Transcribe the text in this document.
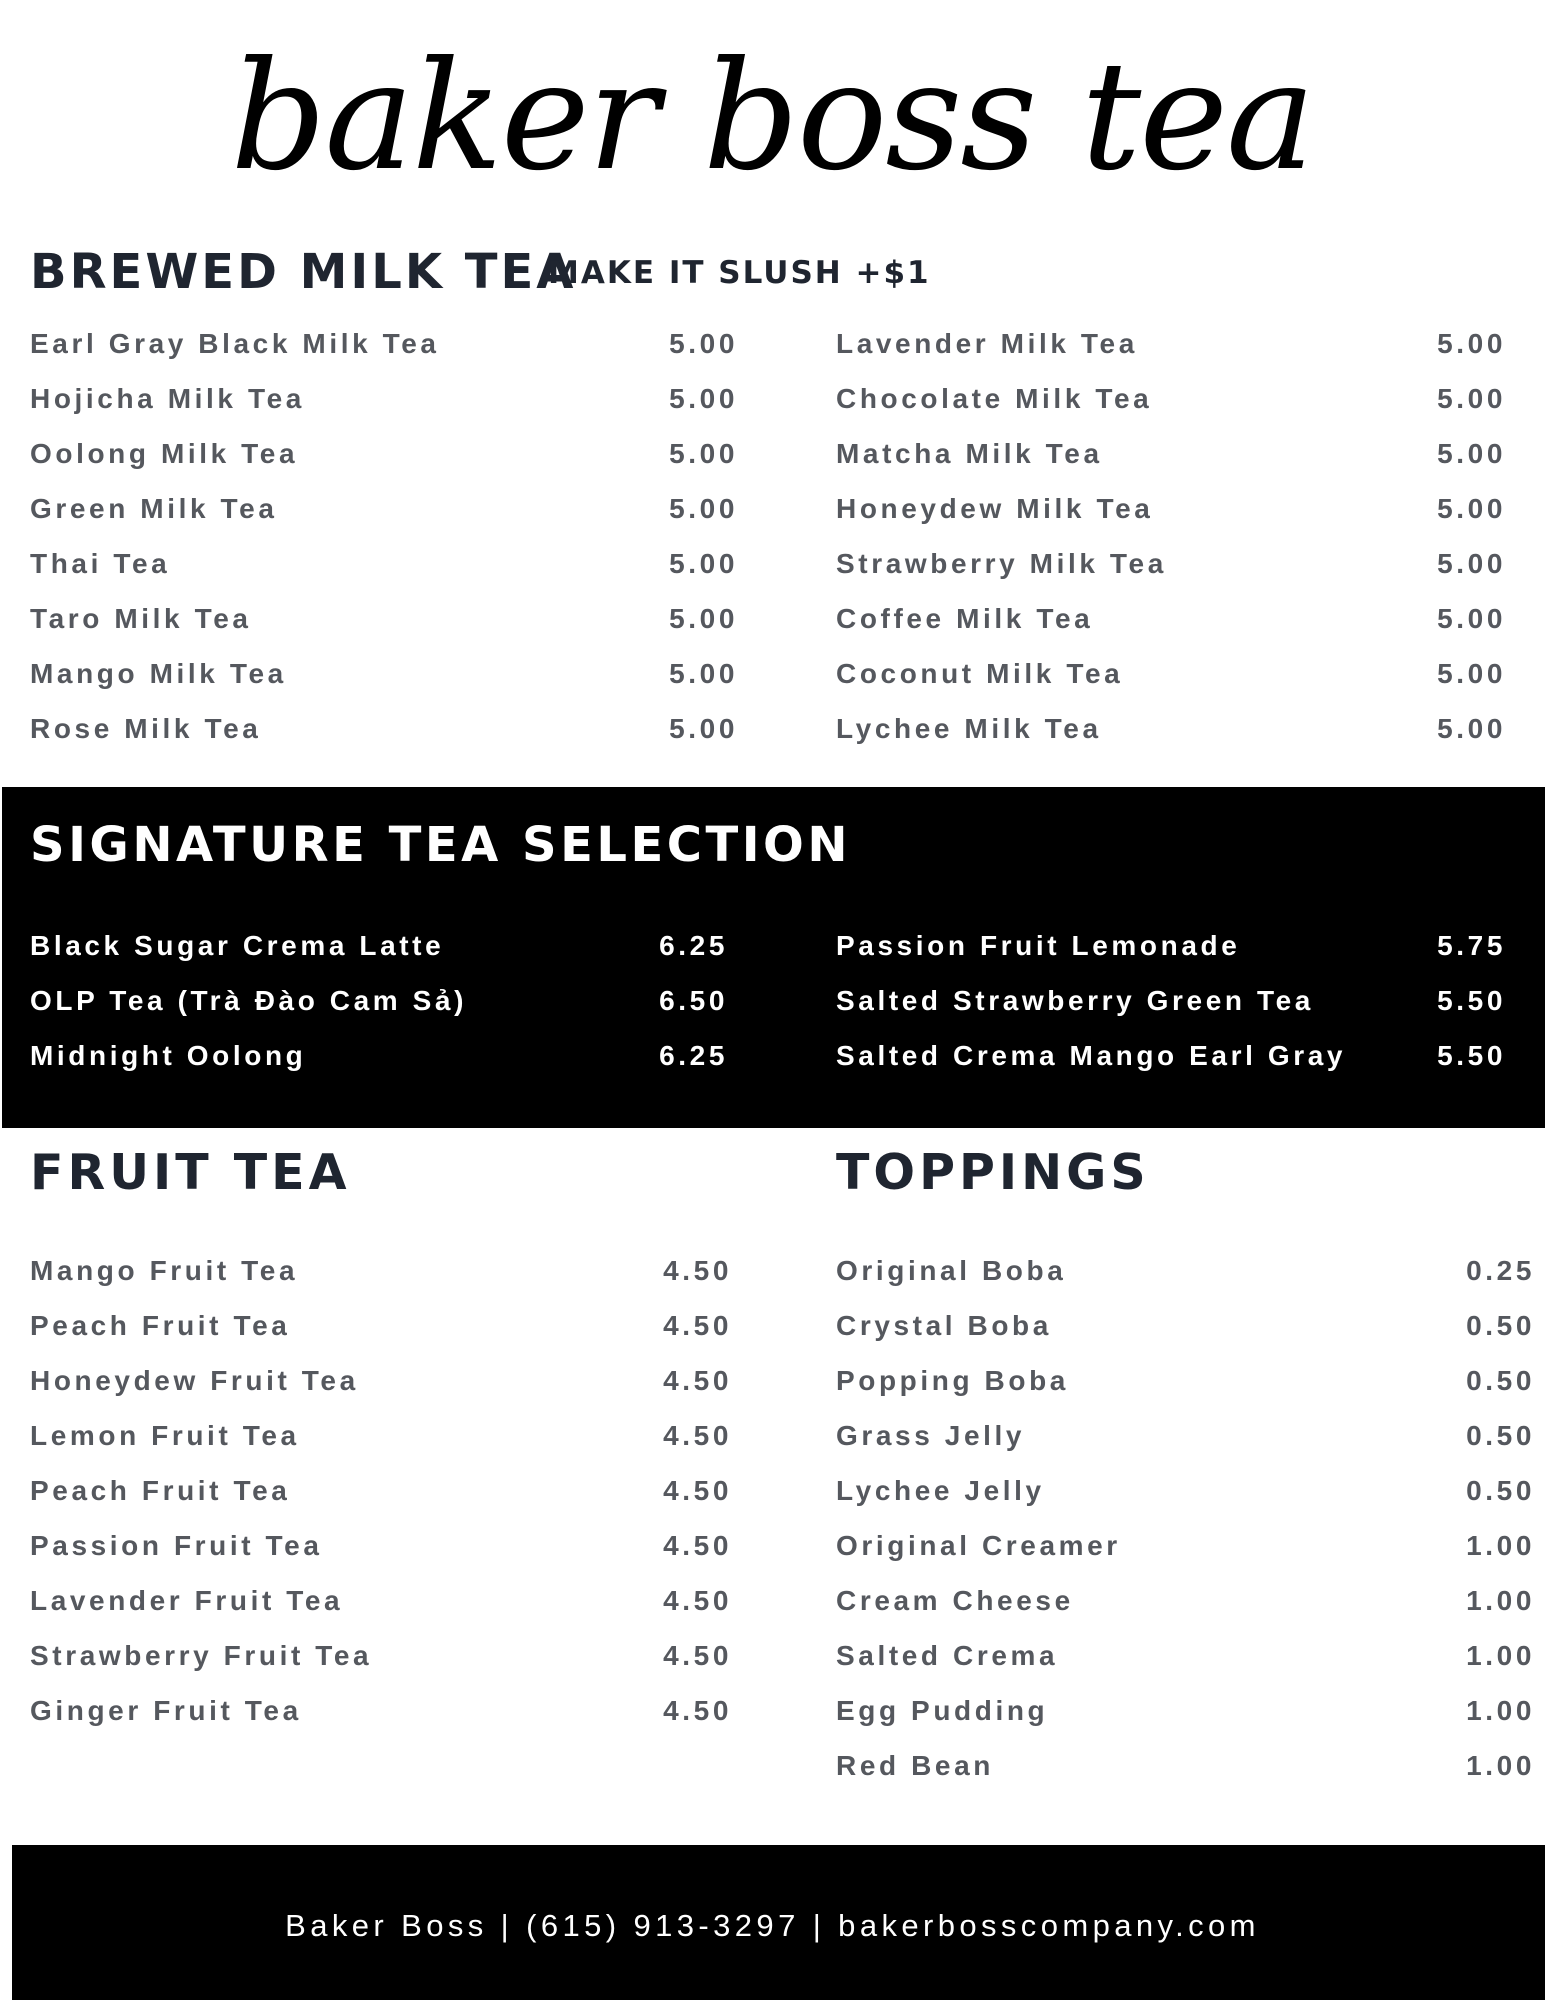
baker boss tea
BREWED MILK TEA
MAKE IT SLUSH +$1
Earl Gray Black Milk Tea	5.00
Hojicha Milk Tea	5.00
Oolong Milk Tea	5.00
Green Milk Tea	5.00
Thai Tea	5.00
Taro Milk Tea	5.00
Mango Milk Tea	5.00
Rose Milk Tea	5.00
Lavender Milk Tea	5.00
Chocolate Milk Tea	5.00
Matcha Milk Tea	5.00
Honeydew Milk Tea	5.00
Strawberry Milk Tea	5.00
Coffee Milk Tea	5.00
Coconut Milk Tea	5.00
Lychee Milk Tea	5.00
SIGNATURE TEA SELECTION
Black Sugar Crema Latte	6.25
OLP Tea (Trà Đào Cam Sả)	6.50
Midnight Oolong	6.25
Passion Fruit Lemonade	5.75
Salted Strawberry Green Tea	5.50
Salted Crema Mango Earl Gray	5.50
FRUIT TEA
Mango Fruit Tea	4.50
Peach Fruit Tea	4.50
Honeydew Fruit Tea	4.50
Lemon Fruit Tea	4.50
Peach Fruit Tea	4.50
Passion Fruit Tea	4.50
Lavender Fruit Tea	4.50
Strawberry Fruit Tea	4.50
Ginger Fruit Tea	4.50
TOPPINGS
Original Boba	0.25
Crystal Boba	0.50
Popping Boba	0.50
Grass Jelly	0.50
Lychee Jelly	0.50
Original Creamer	1.00
Cream Cheese	1.00
Salted Crema	1.00
Egg Pudding	1.00
Red Bean	1.00
Baker Boss | (615) 913-3297 | bakerbosscompany.com
